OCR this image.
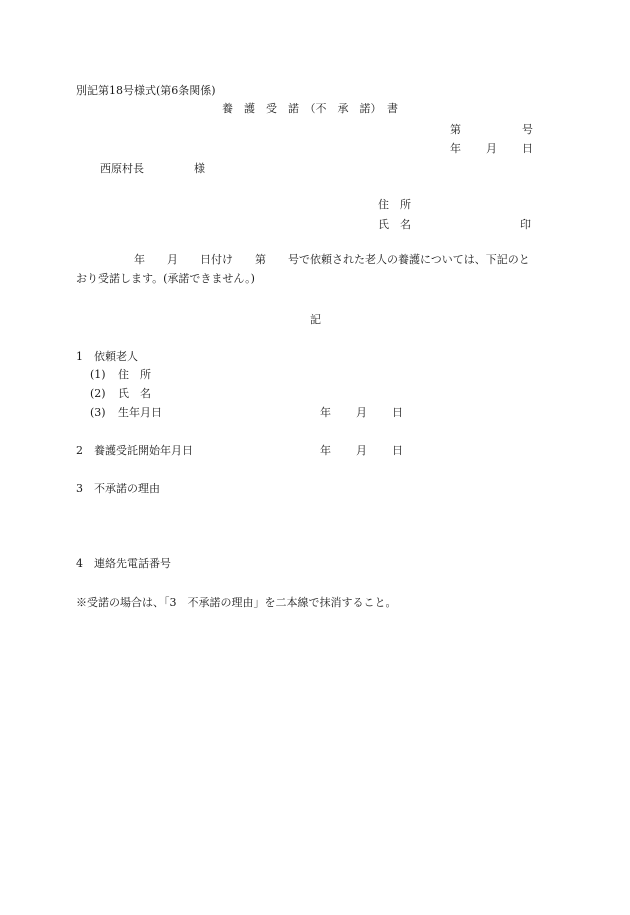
別記第18号様式(第6条関係)
養　護　受　諾　（不　承　諾）　書
第	号
年 月 日
西原村長	様
住　所
氏　名	印
年　　月　　日付け　　第　　号で依頼された老人の養護については、下記のと
おり受諾します。(承諾できません。)
記
1　依頼老人
(1) 住　所
(2) 氏　名
(3) 生年月日	年 月 日
2　養護受託開始年月日	年 月 日
3　不承諾の理由
4　連絡先電話番号
※受諾の場合は、「3　不承諾の理由」を二本線で抹消すること。
